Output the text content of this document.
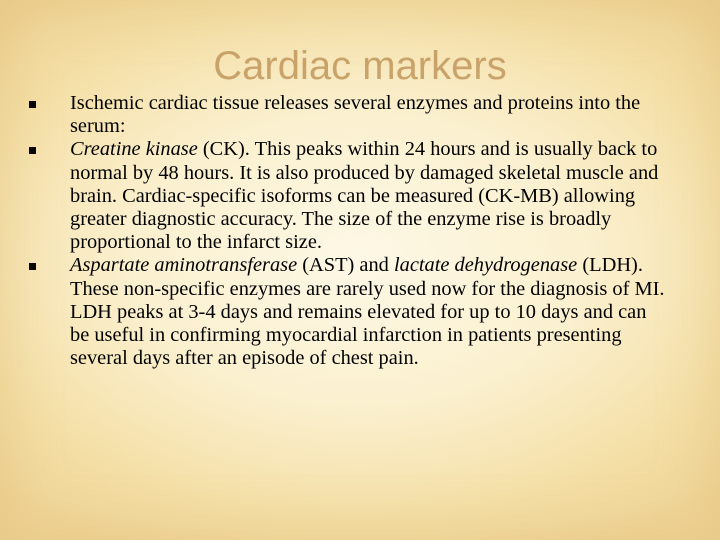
Cardiac markers
Ischemic cardiac tissue releases several enzymes and proteins into the serum:
Creatine kinase (CK). This peaks within 24 hours and is usually back to normal by 48 hours. It is also produced by damaged skeletal muscle and brain. Cardiac-specific isoforms can be measured (CK-MB) allowing greater diagnostic accuracy. The size of the enzyme rise is broadly proportional to the infarct size.
Aspartate aminotransferase (AST) and lactate dehydrogenase (LDH). These non-specific enzymes are rarely used now for the diagnosis of MI. LDH peaks at 3-4 days and remains elevated for up to 10 days and can be useful in confirming myocardial infarction in patients presenting several days after an episode of chest pain.
